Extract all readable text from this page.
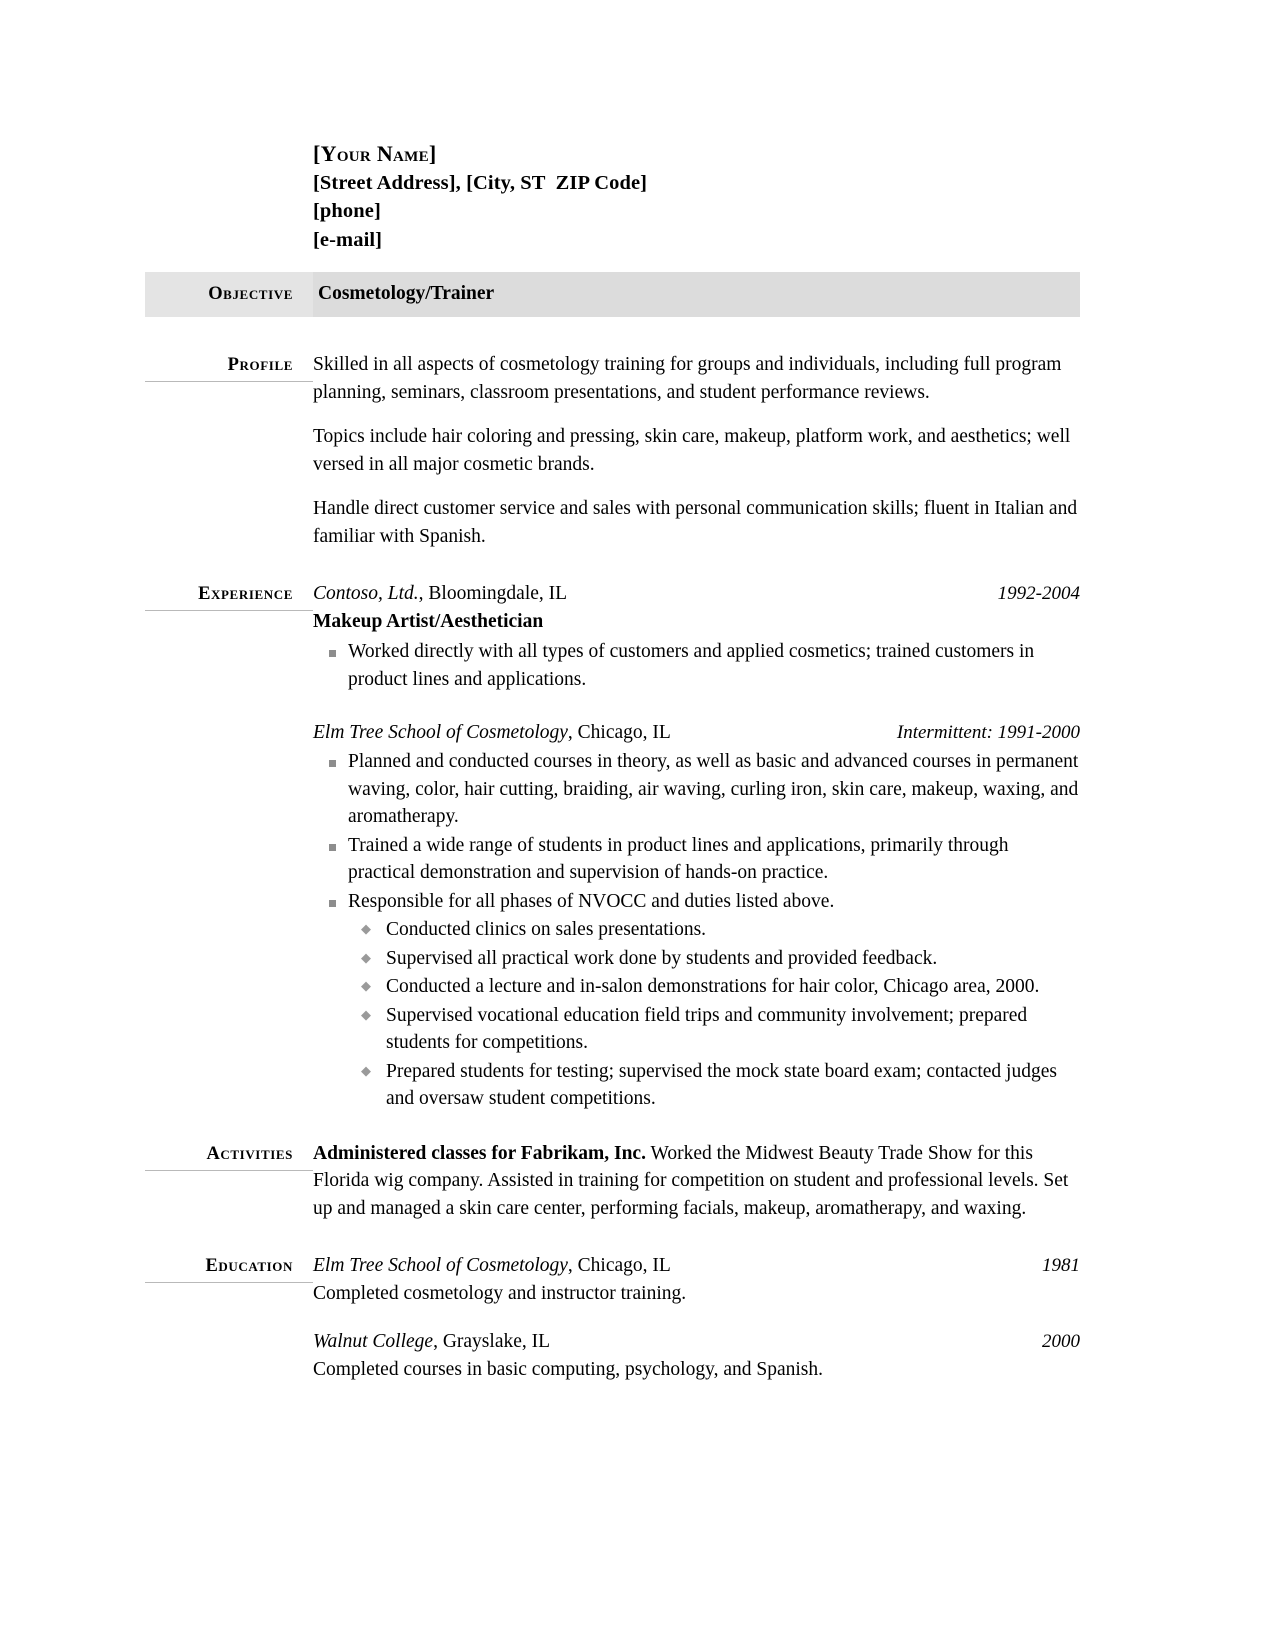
[Your Name]
[Street Address], [City, ST  ZIP Code]
[phone]
[e-mail]
Objective	Cosmetology/Trainer
Profile	Skilled in all aspects of cosmetology training for groups and individuals, including full program planning, seminars, classroom presentations, and student performance reviews.

Topics include hair coloring and pressing, skin care, makeup, platform work, and aesthetics; well versed in all major cosmetic brands.

Handle direct customer service and sales with personal communication skills; fluent in Italian and familiar with Spanish.

Experience	Contoso, Ltd., Bloomingdale, IL	1992-2004
Makeup Artist/Aesthetician
Worked directly with all types of customers and applied cosmetics; trained customers in product lines and applications.
Elm Tree School of Cosmetology, Chicago, IL	Intermittent: 1991-2000
Planned and conducted courses in theory, as well as basic and advanced courses in permanent waving, color, hair cutting, braiding, air waving, curling iron, skin care, makeup, waxing, and aromatherapy.
Trained a wide range of students in product lines and applications, primarily through practical demonstration and supervision of hands-on practice.
Responsible for all phases of NVOCC and duties listed above.
◆ Conducted clinics on sales presentations.
◆ Supervised all practical work done by students and provided feedback.
◆ Conducted a lecture and in-salon demonstrations for hair color, Chicago area, 2000.
◆ Supervised vocational education field trips and community involvement; prepared students for competitions.
◆ Prepared students for testing; supervised the mock state board exam; contacted judges and oversaw student competitions.
Activities	Administered classes for Fabrikam, Inc. Worked the Midwest Beauty Trade Show for this Florida wig company. Assisted in training for competition on student and professional levels. Set up and managed a skin care center, performing facials, makeup, aromatherapy, and waxing.
Education	Elm Tree School of Cosmetology, Chicago, IL	1981
Completed cosmetology and instructor training.
Walnut College, Grayslake, IL	2000
Completed courses in basic computing, psychology, and Spanish.
